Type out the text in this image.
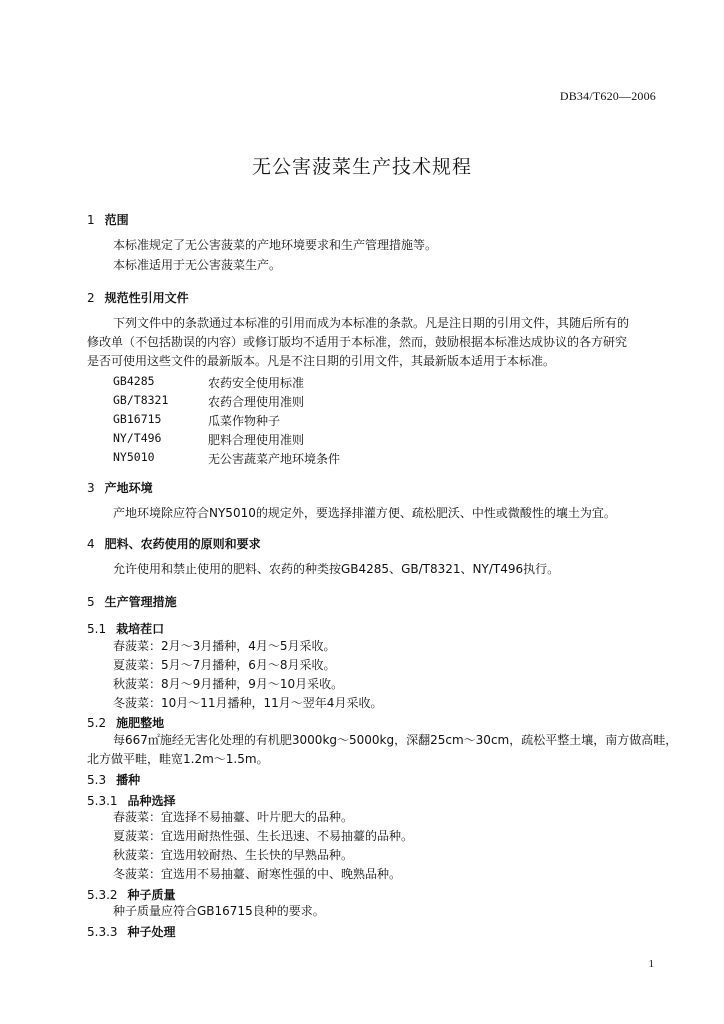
DB34/T620—2006
无公害菠菜生产技术规程
1 范围
本标准规定了无公害菠菜的产地环境要求和生产管理措施等。
本标准适用于无公害菠菜生产。
2 规范性引用文件
下列文件中的条款通过本标准的引用而成为本标准的条款。凡是注日期的引用文件，其随后所有的
修改单（不包括勘误的内容）或修订版均不适用于本标准，然而，鼓励根据本标准达成协议的各方研究
是否可使用这些文件的最新版本。凡是不注日期的引用文件，其最新版本适用于本标准。
GB4285	农药安全使用标准
GB/T8321	农药合理使用准则
GB16715	瓜菜作物种子
NY/T496	肥料合理使用准则
NY5010	无公害蔬菜产地环境条件
3 产地环境
产地环境除应符合NY5010的规定外，要选择排灌方便、疏松肥沃、中性或微酸性的壤土为宜。
4 肥料、农药使用的原则和要求
允许使用和禁止使用的肥料、农药的种类按GB4285、GB/T8321、NY/T496执行。
5 生产管理措施
5.1 栽培茬口
春菠菜：2月～3月播种，4月～5月采收。
夏菠菜：5月～7月播种，6月～8月采收。
秋菠菜：8月～9月播种，9月～10月采收。
冬菠菜：10月～11月播种，11月～翌年4月采收。
5.2 施肥整地
每667㎡施经无害化处理的有机肥3000kg～5000kg，深翻25cm～30cm，疏松平整土壤，南方做高畦，
北方做平畦，畦宽1.2m～1.5m。
5.3 播种
5.3.1 品种选择
春菠菜：宜选择不易抽薹、叶片肥大的品种。
夏菠菜：宜选用耐热性强、生长迅速、不易抽薹的品种。
秋菠菜：宜选用较耐热、生长快的早熟品种。
冬菠菜：宜选用不易抽薹、耐寒性强的中、晚熟品种。
5.3.2 种子质量
种子质量应符合GB16715良种的要求。
5.3.3 种子处理
1
